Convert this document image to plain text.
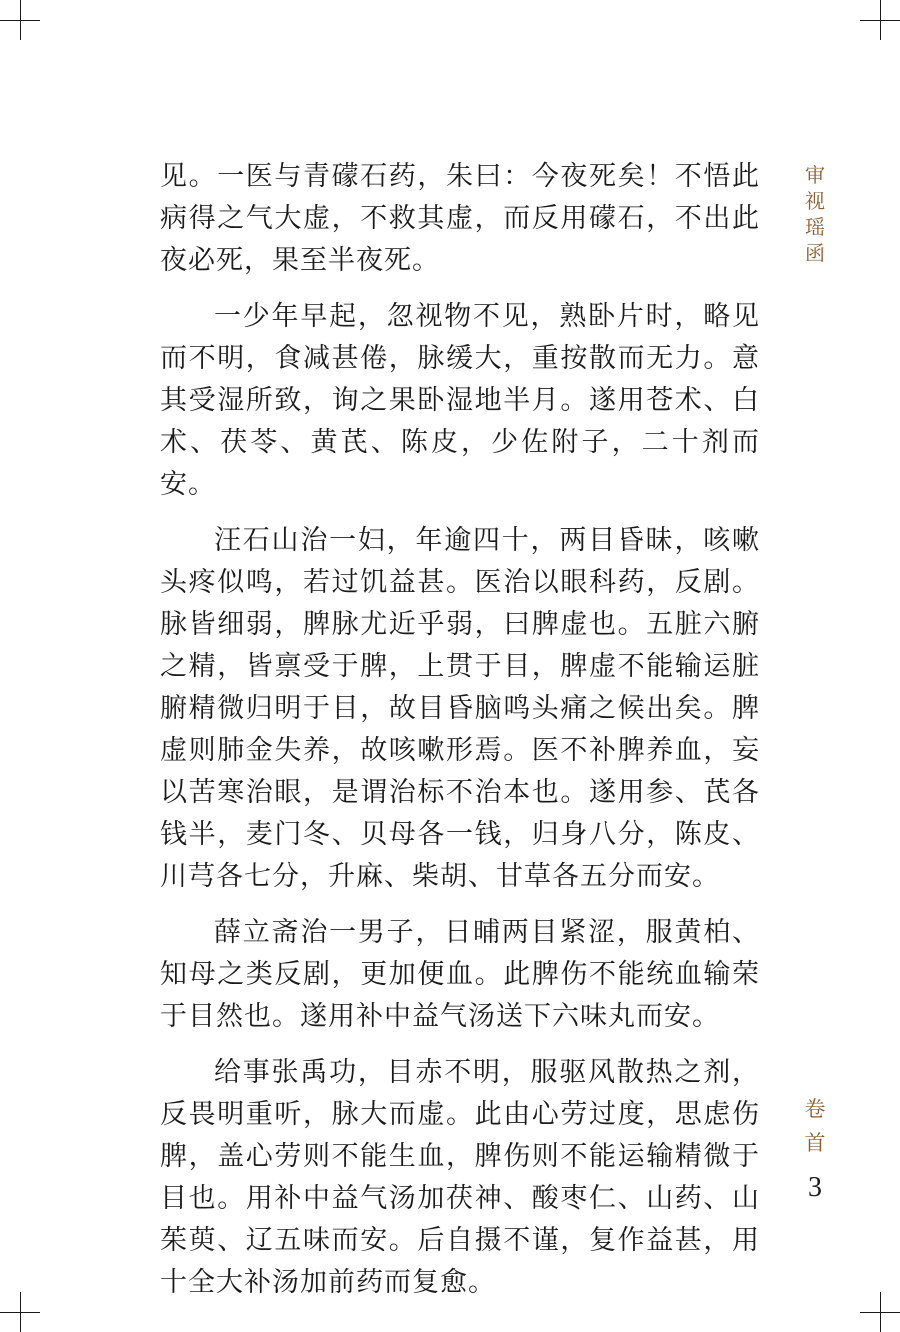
见。一医与青礞石药，朱曰：今夜死矣！不悟此病得之气大虚，不救其虚，而反用礞石，不出此夜必死，果至半夜死。

一少年早起，忽视物不见，熟卧片时，略见而不明，食减甚倦，脉缓大，重按散而无力。意其受湿所致，询之果卧湿地半月。遂用苍术、白术、茯苓、黄芪、陈皮，少佐附子，二十剂而安。

汪石山治一妇，年逾四十，两目昏昧，咳嗽头疼似鸣，若过饥益甚。医治以眼科药，反剧。脉皆细弱，脾脉尤近乎弱，曰脾虚也。五脏六腑之精，皆禀受于脾，上贯于目，脾虚不能输运脏腑精微归明于目，故目昏脑鸣头痛之候出矣。脾虚则肺金失养，故咳嗽形焉。医不补脾养血，妄以苦寒治眼，是谓治标不治本也。遂用参、芪各钱半，麦门冬、贝母各一钱，归身八分，陈皮、川芎各七分，升麻、柴胡、甘草各五分而安。

薛立斋治一男子，日晡两目紧涩，服黄柏、知母之类反剧，更加便血。此脾伤不能统血输荣于目然也。遂用补中益气汤送下六味丸而安。

给事张禹功，目赤不明，服驱风散热之剂，反畏明重听，脉大而虚。此由心劳过度，思虑伤脾，盖心劳则不能生血，脾伤则不能运输精微于目也。用补中益气汤加茯神、酸枣仁、山药、山茱萸、辽五味而安。后自摄不谨，复作益甚，用十全大补汤加前药而复愈。

审
视
瑶
函
卷
首
3
